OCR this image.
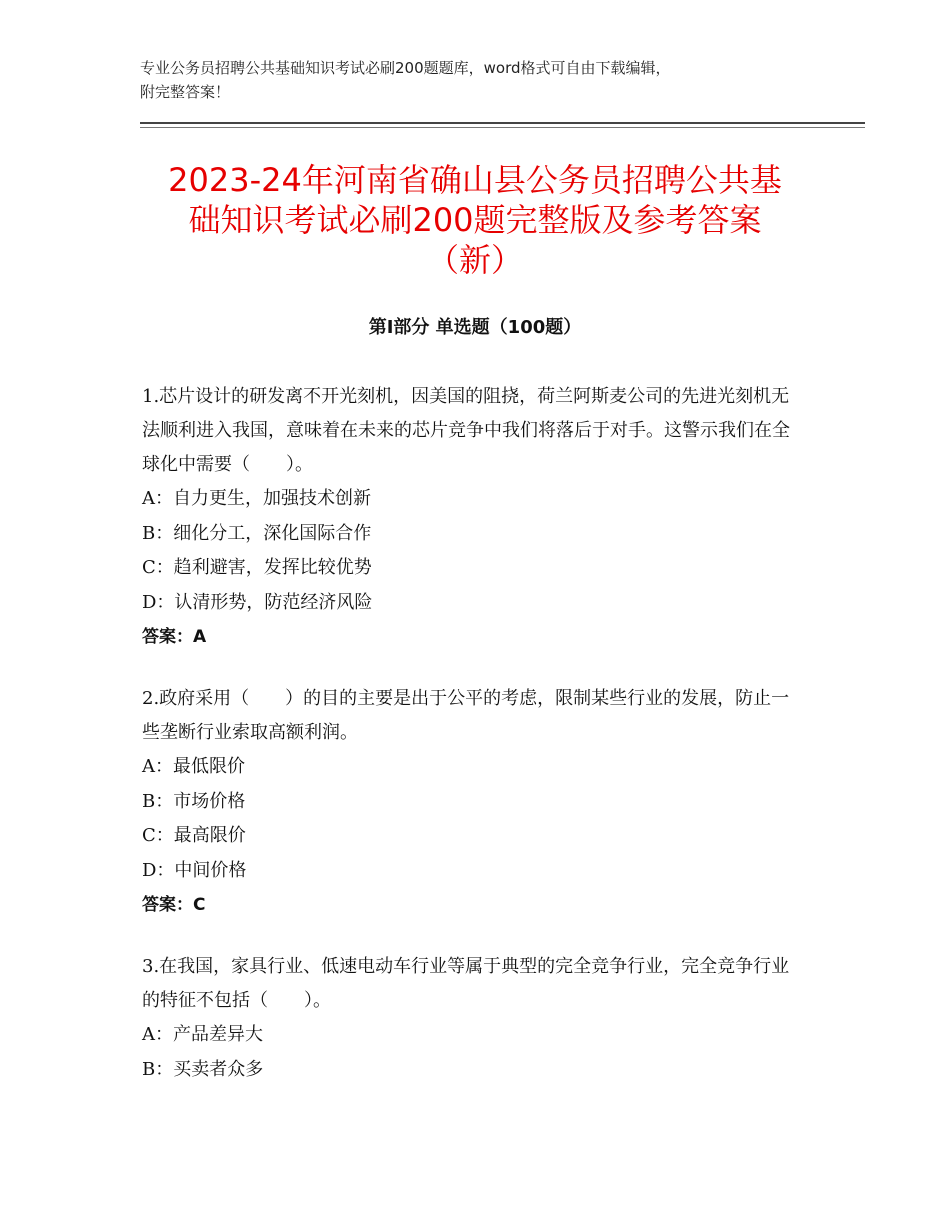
专业公务员招聘公共基础知识考试必刷200题题库，word格式可自由下载编辑，
附完整答案！
2023-24年河南省确山县公务员招聘公共基
础知识考试必刷200题完整版及参考答案
（新）
第Ⅰ部分 单选题（100题）

1.芯片设计的研发离不开光刻机，因美国的阻挠，荷兰阿斯麦公司的先进光刻机无法顺利进入我国，意味着在未来的芯片竞争中我们将落后于对手。这警示我们在全球化中需要（　　）。

A：自力更生，加强技术创新
B：细化分工，深化国际合作
C：趋利避害，发挥比较优势
D：认清形势，防范经济风险
答案：A

2.政府采用（　　）的目的主要是出于公平的考虑，限制某些行业的发展，防止一些垄断行业索取高额利润。

A：最低限价
B：市场价格
C：最高限价
D：中间价格
答案：C

3.在我国，家具行业、低速电动车行业等属于典型的完全竞争行业，完全竞争行业的特征不包括（　　）。

A：产品差异大
B：买卖者众多
